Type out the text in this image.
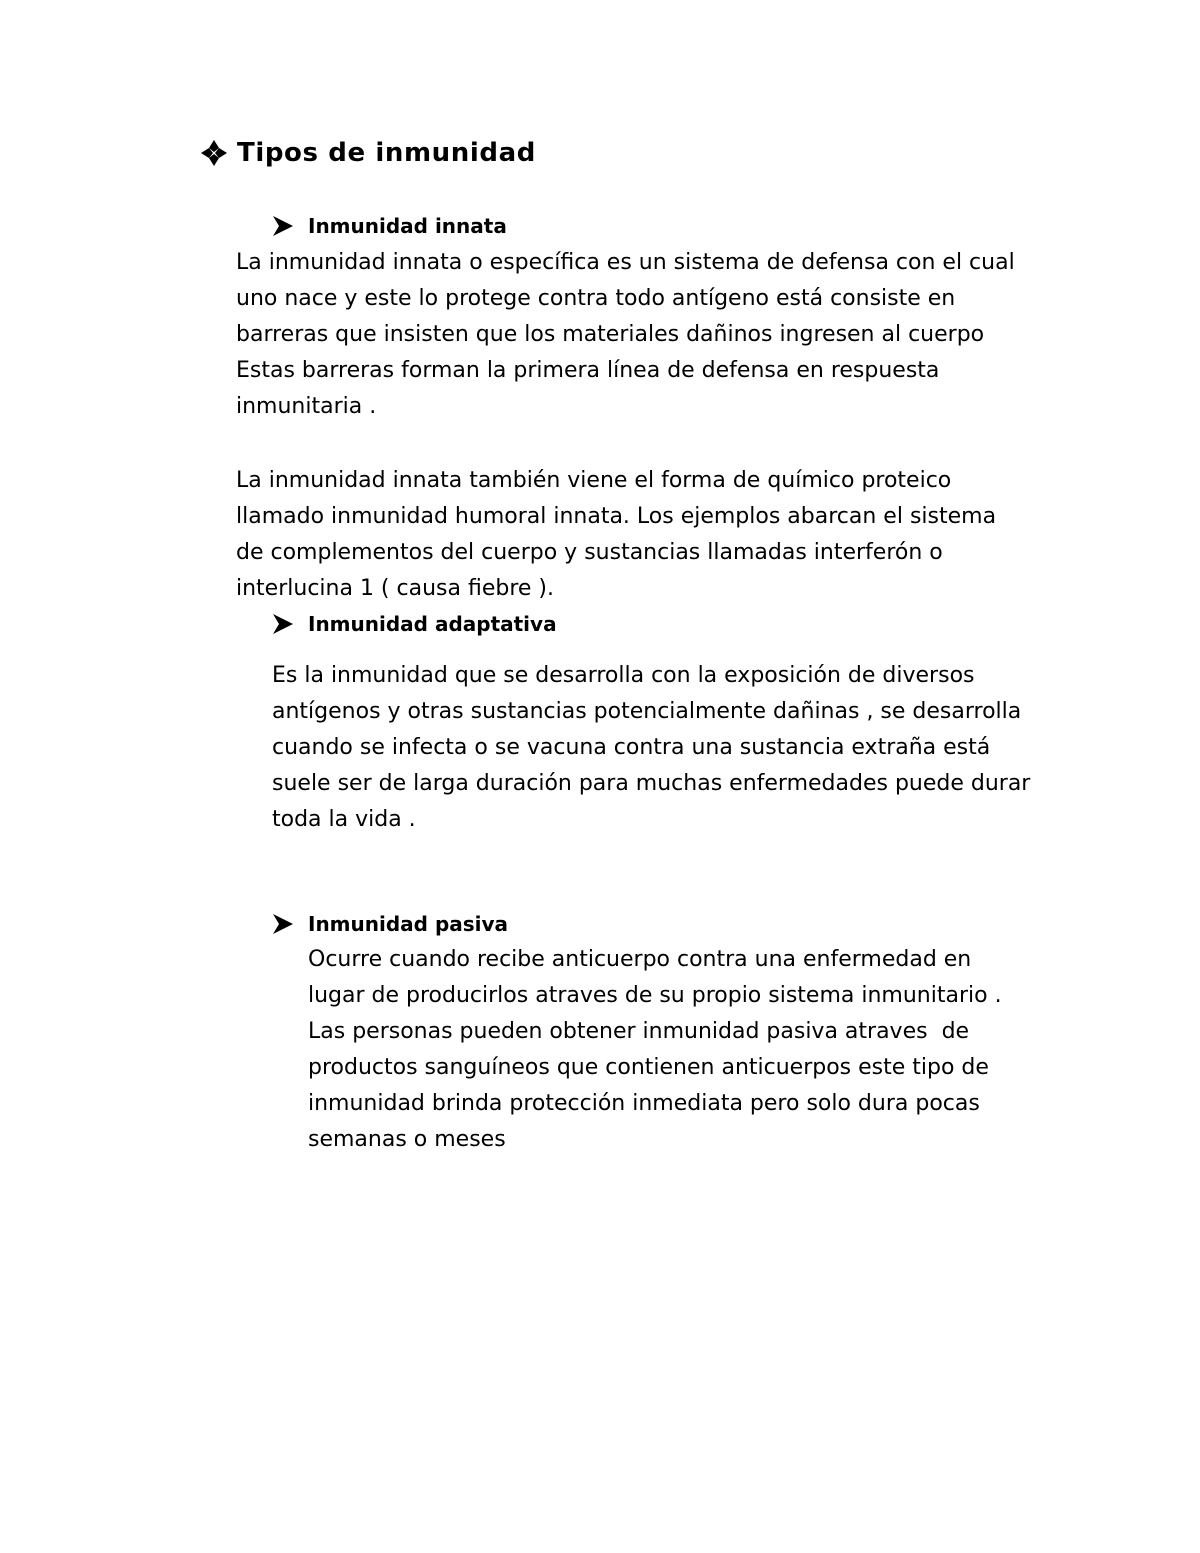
Tipos de inmunidad
Inmunidad innata
La inmunidad innata o específica es un sistema de defensa con el cual
uno nace y este lo protege contra todo antígeno está consiste en
barreras que insisten que los materiales dañinos ingresen al cuerpo
Estas barreras forman la primera línea de defensa en respuesta
inmunitaria .
La inmunidad innata también viene el forma de químico proteico
llamado inmunidad humoral innata. Los ejemplos abarcan el sistema
de complementos del cuerpo y sustancias llamadas interferón o
interlucina 1 ( causa fiebre ).
Inmunidad adaptativa
Es la inmunidad que se desarrolla con la exposición de diversos
antígenos y otras sustancias potencialmente dañinas , se desarrolla
cuando se infecta o se vacuna contra una sustancia extraña está
suele ser de larga duración para muchas enfermedades puede durar
toda la vida .
Inmunidad pasiva
Ocurre cuando recibe anticuerpo contra una enfermedad en
lugar de producirlos atraves de su propio sistema inmunitario .
Las personas pueden obtener inmunidad pasiva atraves  de
productos sanguíneos que contienen anticuerpos este tipo de
inmunidad brinda protección inmediata pero solo dura pocas
semanas o meses
